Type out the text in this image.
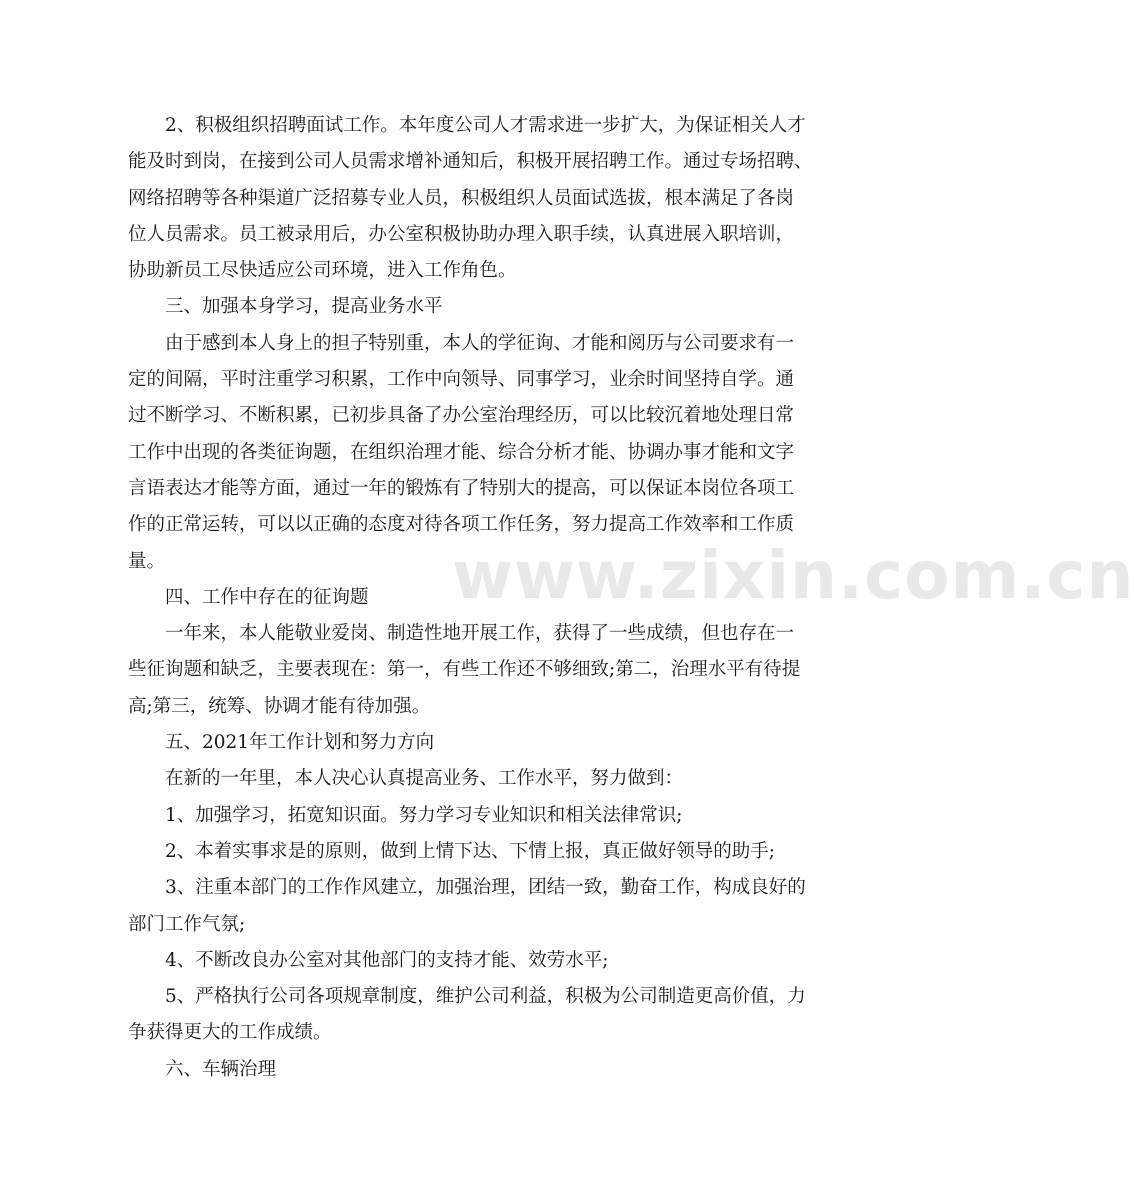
2、积极组织招聘面试工作。本年度公司人才需求进一步扩大，为保证相关人才
能及时到岗，在接到公司人员需求增补通知后，积极开展招聘工作。通过专场招聘、
网络招聘等各种渠道广泛招募专业人员，积极组织人员面试选拔，根本满足了各岗
位人员需求。员工被录用后，办公室积极协助办理入职手续，认真进展入职培训，
协助新员工尽快适应公司环境，进入工作角色。
三、加强本身学习，提高业务水平
由于感到本人身上的担子特别重，本人的学征询、才能和阅历与公司要求有一
定的间隔，平时注重学习积累，工作中向领导、同事学习，业余时间坚持自学。通
过不断学习、不断积累，已初步具备了办公室治理经历，可以比较沉着地处理日常
工作中出现的各类征询题，在组织治理才能、综合分析才能、协调办事才能和文字
言语表达才能等方面，通过一年的锻炼有了特别大的提高，可以保证本岗位各项工
作的正常运转，可以以正确的态度对待各项工作任务，努力提高工作效率和工作质
量。
四、工作中存在的征询题
一年来，本人能敬业爱岗、制造性地开展工作，获得了一些成绩，但也存在一
些征询题和缺乏，主要表现在：第一，有些工作还不够细致;第二，治理水平有待提
高;第三，统筹、协调才能有待加强。
五、2021年工作计划和努力方向
在新的一年里，本人决心认真提高业务、工作水平，努力做到：
1、加强学习，拓宽知识面。努力学习专业知识和相关法律常识;
2、本着实事求是的原则，做到上情下达、下情上报，真正做好领导的助手;
3、注重本部门的工作作风建立，加强治理，团结一致，勤奋工作，构成良好的
部门工作气氛;
4、不断改良办公室对其他部门的支持才能、效劳水平;
5、严格执行公司各项规章制度，维护公司利益，积极为公司制造更高价值，力
争获得更大的工作成绩。
六、车辆治理
www.zixin.com.cn
